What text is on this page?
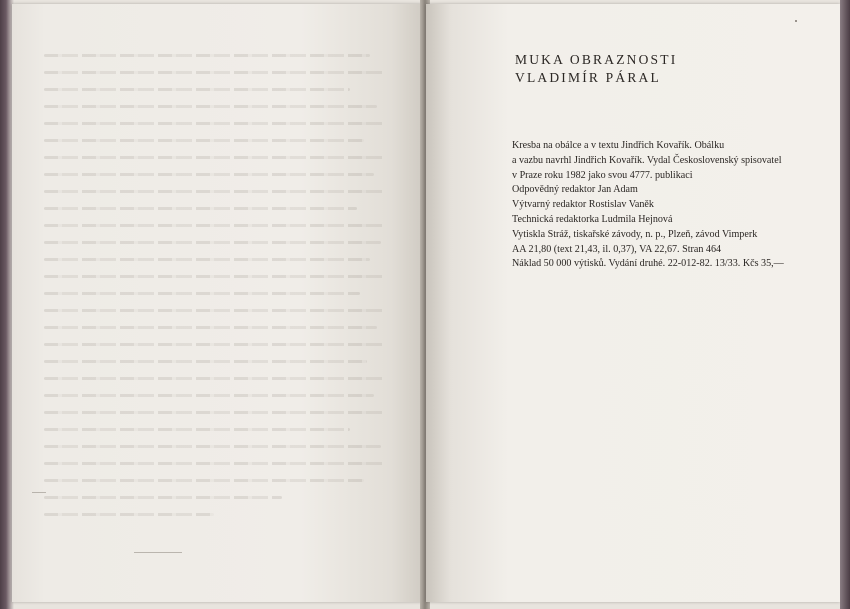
MUKA OBRAZNOSTI
VLADIMÍR PÁRAL
Kresba na obálce a v textu Jindřich Kovařík. Obálku
a vazbu navrhl Jindřich Kovařík. Vydal Československý spisovatel
v Praze roku 1982 jako svou 4777. publikaci
Odpovědný redaktor Jan Adam
Výtvarný redaktor Rostislav Vaněk
Technická redaktorka Ludmila Hejnová
Vytiskla Stráž, tiskařské závody, n. p., Plzeň, závod Vimperk
AA 21,80 (text 21,43, il. 0,37), VA 22,67. Stran 464
Náklad 50 000 výtisků. Vydání druhé. 22-012-82. 13/33. Kčs 35,—
